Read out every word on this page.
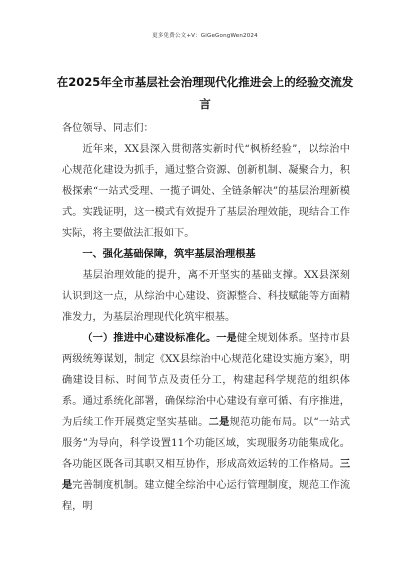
更多免费公文+V：GiGeGongWen2024
在2025年全市基层社会治理现代化推进会上的经验交流发言

各位领导、同志们：

近年来，XX县深入贯彻落实新时代“枫桥经验”，以综治中心规范化建设为抓手，通过整合资源、创新机制、凝聚合力，积极探索“一站式受理、一揽子调处、全链条解决”的基层治理新模式。实践证明，这一模式有效提升了基层治理效能，现结合工作实际，将主要做法汇报如下。

一、强化基础保障，筑牢基层治理根基

基层治理效能的提升，离不开坚实的基础支撑。XX县深刻认识到这一点，从综治中心建设、资源整合、科技赋能等方面精准发力，为基层治理现代化筑牢根基。

（一）推进中心建设标准化。一是健全规划体系。坚持市县两级统筹谋划，制定《XX县综治中心规范化建设实施方案》，明确建设目标、时间节点及责任分工，构建起科学规范的组织体系。通过系统化部署，确保综治中心建设有章可循、有序推进，为后续工作开展奠定坚实基础。二是规范功能布局。以“一站式服务”为导向，科学设置11个功能区域，实现服务功能集成化。各功能区既各司其职又相互协作，形成高效运转的工作格局。三是完善制度机制。建立健全综治中心运行管理制度，规范工作流程，明
